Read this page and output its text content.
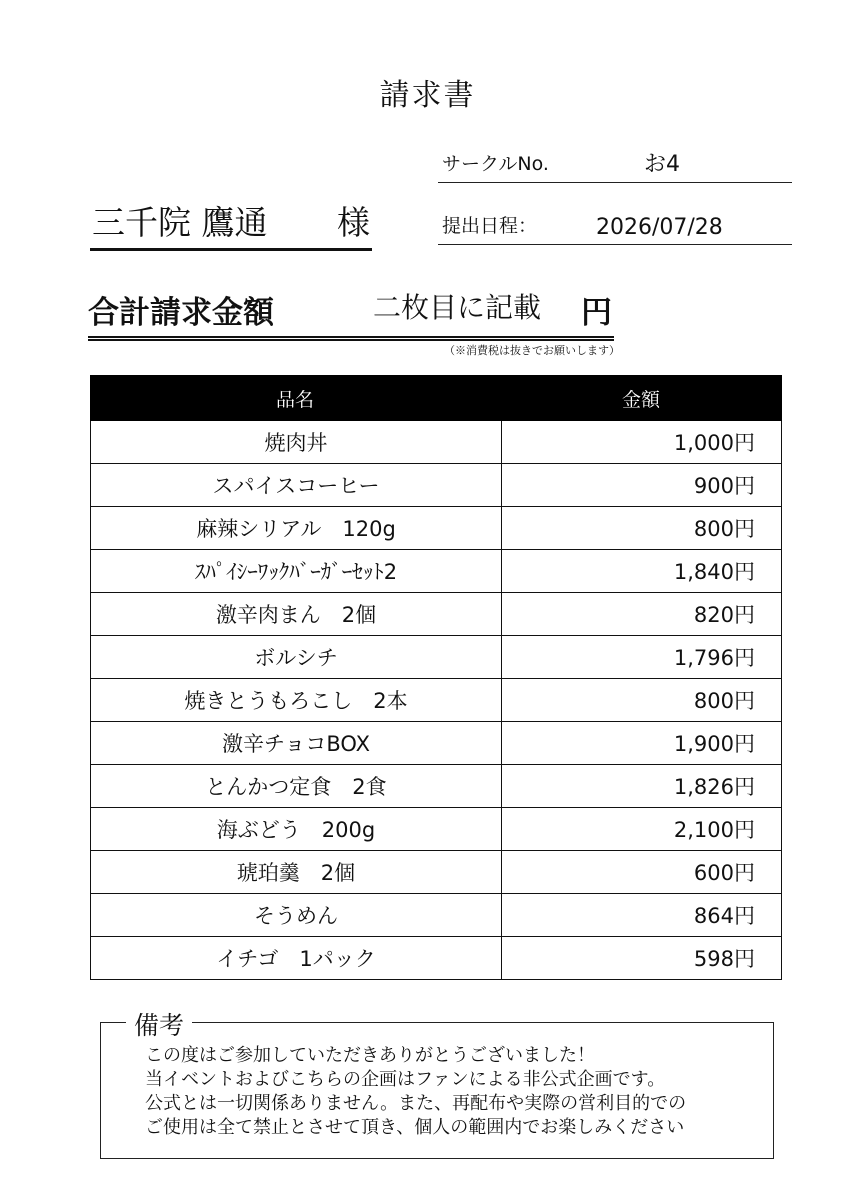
請求書
サークルNo.	お4
提出日程：	2026/07/28
三千院 鷹通 様
合計請求金額	二枚目に記載 円
（※消費税は抜きでお願いします）
品名	金額
焼肉丼	1,000円
スパイスコーヒー	900円
麻辣シリアル　120g	800円
ｽﾊﾟｲｼｰﾜｯｸﾊﾞｰｶﾞｰｾｯﾄ2	1,840円
激辛肉まん　2個	820円
ボルシチ	1,796円
焼きとうもろこし　2本	800円
激辛チョコBOX	1,900円
とんかつ定食　2食	1,826円
海ぶどう　200g	2,100円
琥珀羹　2個	600円
そうめん	864円
イチゴ　1パック	598円
備考
この度はご参加していただきありがとうございました！
当イベントおよびこちらの企画はファンによる非公式企画です。
公式とは一切関係ありません。また、再配布や実際の営利目的での
ご使用は全て禁止とさせて頂き、個人の範囲内でお楽しみください
